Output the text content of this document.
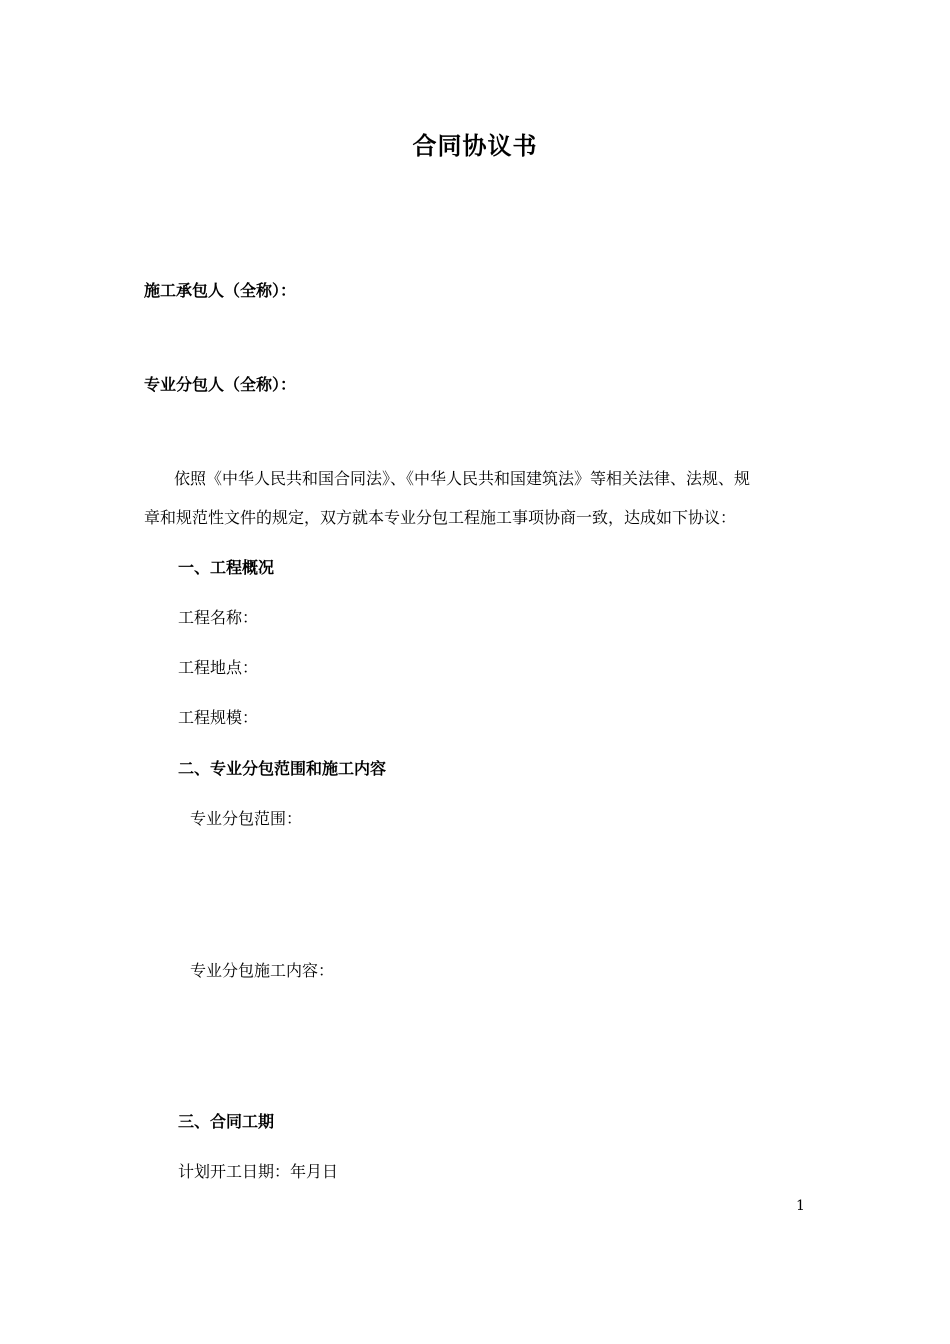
合同协议书
施工承包人（全称）：
专业分包人（全称）：
依照《中华人民共和国合同法》、《中华人民共和国建筑法》等相关法律、法规、规
章和规范性文件的规定，双方就本专业分包工程施工事项协商一致，达成如下协议：
一、工程概况
工程名称：
工程地点：
工程规模：
二、专业分包范围和施工内容
专业分包范围：
专业分包施工内容：
三、合同工期
计划开工日期：年月日
1
